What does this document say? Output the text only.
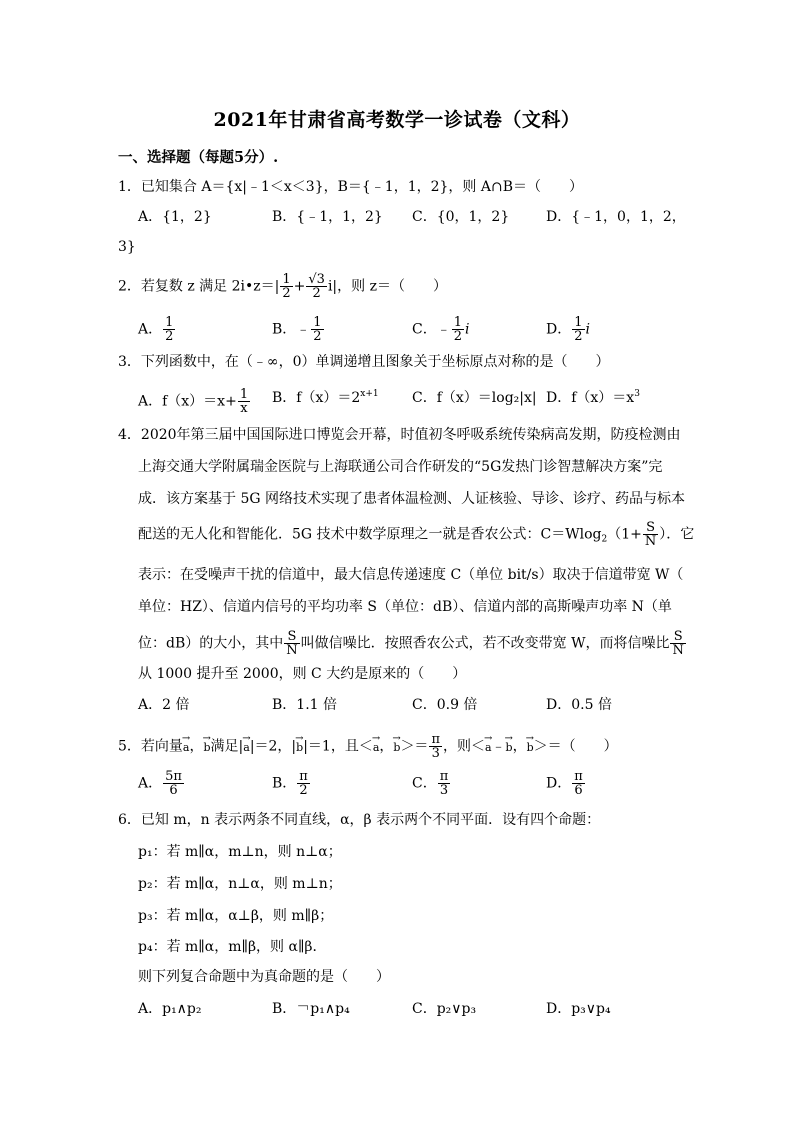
2021年甘肃省高考数学一诊试卷（文科）
一、选择题（每题5分）.
1．已知集合 A＝{x|﹣1＜x＜3}，B＝{﹣1，1，2}，则 A∩B＝（　　）
A．{1，2}	B．{﹣1，1，2} C．{0，1，2}	D．{﹣1，0，1，2，
3}
2．若复数 z 满足 2i•z＝| $\frac{1}{2} + \frac{√3}{2} i|$，则 z＝（　　）
A． $\frac{1}{2}$	B．﹣ $\frac{1}{2}$	C．﹣ $\frac{1}{2}$ i	D． $\frac{1}{2}$ i
3．下列函数中，在（﹣∞，0）单调递增且图象关于坐标原点对称的是（　　）
A．$f(x)=x+ \frac{1}{x}$ B．$f(x)=2^{x+1}$ C．f（x）＝log₂|x| D．$f(x)=x^3$
4．2020年第三届中国国际进口博览会开幕，时值初冬呼吸系统传染病高发期，防疫检测由
上海交通大学附属瑞金医院与上海联通公司合作研发的“5G发热门诊智慧解决方案”完
成．该方案基于 5G 网络技术实现了患者体温检测、人证核验、导诊、诊疗、药品与标本
配送的无人化和智能化．5G 技术中数学原理之一就是香农公式：$C=Wlog_2(1+ \frac{S}{N}$ ）．它
表示：在受噪声干扰的信道中，最大信息传递速度 C（单位 bit/s）取决于信道带宽 W（
单位：HZ）、信道内信号的平均功率 S（单位：dB）、信道内部的高斯噪声功率 N（单
位：dB）的大小，其中 $\frac{S}{N}$ 叫做信噪比．按照香农公式，若不改变带宽 W，而将信噪比 $\frac{S}{N}$
从 1000 提升至 2000，则 C 大约是原来的（　　）
A．2 倍	B．1.1 倍	C．0.9 倍	D．0.5 倍
5．若向量→ a，→ b满足|→ a|＝2，|→ b|＝1，且＜→ a，→ $b>= \frac{\pi}{3}$ ，则＜→ a﹣→ b，→ b＞＝（　　）
A． $\frac{5\pi}{6}$	B． $\frac{\pi}{2}$	C． $\frac{\pi}{3}$	D． $\frac{\pi}{6}$
6．已知 m，n 表示两条不同直线，α，β 表示两个不同平面．设有四个命题：
p₁：若 m∥α，m⊥n，则 n⊥α；
p₂：若 m∥α，n⊥α，则 m⊥n；
p₃：若 m∥α，α⊥β，则 m∥β；
p₄：若 m∥α，m∥β，则 α∥β．
则下列复合命题中为真命题的是（　　）
A．p₁∧p₂	B．￢p₁∧p₄	C．p₂∨p₃	D．p₃∨p₄
